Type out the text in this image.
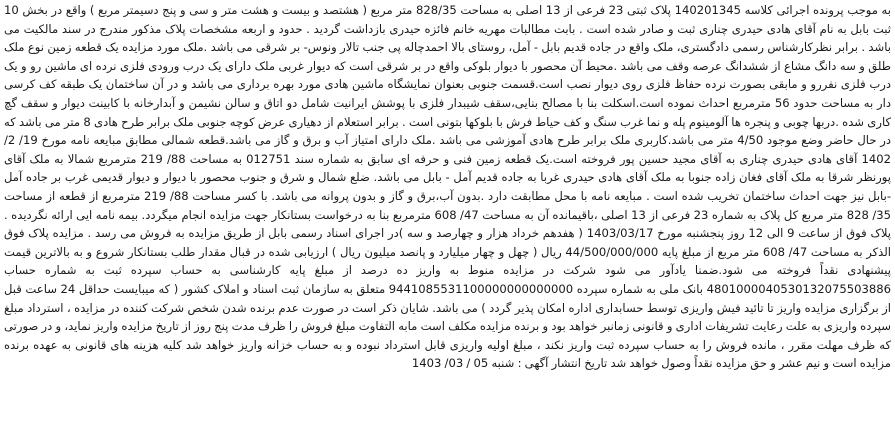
به موجب پرونده اجرائی کلاسه 140201345 پلاک ثبتی 23 فرعی از 13 اصلی به مساحت 828/35 متر مربع ( هشتصد و بیست و هشت متر و سی و پنج دسیمتر مربع ) واقع در بخش 10 ثبت بابل به نام آقای هادی حیدری چناری ثبت و صادر شده است . بابت مطالبات مهریه خانم فائزه حیدری بازداشت گردید . حدود و اربعه مشخصات پلاک مذکور مندرج در سند مالکیت می باشد . برابر نظرکارشناس رسمی دادگستری، ملک واقع در جاده قدیم بابل - آمل، روستای بالا احمدچاله پی جنب تالار ونوس- بر شرقی می باشد .ملک مورد مزایده یک قطعه زمین نوع ملک طلق و سه دانگ مشاع از ششدانگ عرصه وقف می باشد .محیط آن محصور با دیوار بلوکی واقع در بر شرقی است که دیوار غربی ملک دارای یک درب ورودی فلزی نرده ای ماشین رو و یک درب فلزی نفررو و مابقی بصورت نرده حفاظ فلزی روی دیوار نصب است.قسمت جنوبی بعنوان نمایشگاه ماشین هادی مورد بهره برداری می باشد و در آن ساختمان یک طبقه کف کرسی دار به مساحت حدود 56 مترمربع احداث نموده است.اسکلت بنا با مصالح بنایی،سقف شیبدار فلزی با پوشش ایرانیت شامل دو اتاق و سالن نشیمن و آبدارخانه با کابینت دیوار و سقف گچ کاری شده .دربها چوبی و پنجره ها آلومینوم پله و نما غرب سنگ و کف حیاط فرش با بلوکها بتونی است . برابر استعلام از دهیاری عرض کوچه جنوبی ملک برابر طرح هادی 8 متر می باشد که در حال حاضر وضع موجود 4/50 متر می باشد.کاربری ملک برابر طرح هادی آموزشی می باشد .ملک دارای امتیاز آب و برق و گاز می باشد.قطعه شمالی مطابق مبایعه نامه مورخ 19/ 2/ 1402 آقای هادی حیدری چناری به آقای مجید حسین پور فروخته است.یک قطعه زمین فنی و حرفه ای سابق به شماره سند 012751 به مساحت 88/ 219 مترمربع شمالا به ملک آقای پورنظر شرقا به ملک آقای فغان زاده جنوبا به ملک آقای هادی حیدری غربا به جاده قدیم آمل - بابل می باشد. ضلع شمال و شرق و جنوب محصور با دیوار و دیوار قدیمی غرب بر جاده آمل -بابل نیز جهت احداث ساختمان تخریب شده است . مبایعه نامه با محل مطابقت دارد .بدون آب،برق و گاز و بدون پروانه می باشد. با کسر مساحت 88/ 219 مترمربع از قطعه از مساحت 35/ 828 متر مربع کل پلاک به شماره 23 فرعی از 13 اصلی ،باقیمانده آن به مساحت 47/ 608 مترمربع بنا به درخواست بستانکار جهت مزایده انجام میگردد. بیمه نامه ایی ارائه نگردیده . پلاک فوق از ساعت 9 الی 12 روز پنجشنبه مورخ 1403/03/17 ( هفدهم خرداد هزار و چهارصد و سه )در اجرای اسناد رسمی بابل از طریق مزایده به فروش می رسد . مزایده پلاک فوق الذکر به مساحت 47/ 608 متر مربع از مبلغ پایه 44/500/000/000 ریال ( چهل و چهار میلیارد و پانصد میلیون ریال ) ارزیابی شده در قبال مقدار طلب بستانکار شروع و به بالاترین قیمت پیشنهادی نقداً فروخته می شود.ضمنا یادآور می شود شرکت در مزایده منوط به واریز ده درصد از مبلغ پایه کارشناسی به حساب سپرده ثبت به شماره حساب 4801000040530132075503886 بانک ملی به شماره سپرده 9441085531100000000000000 متعلق به سازمان ثبت اسناد و املاک کشور ( که میبایست حداقل 24 ساعت قبل از برگزاری مزایده واریز تا تائید فیش واریزی توسط حسابداری اداره امکان پذیر گردد ) می باشد. شایان ذکر است در صورت عدم برنده شدن شخص شرکت کننده در مزایده ، استرداد مبلغ سپرده واریزی به علت رعایت تشریفات اداری و قانونی زمانبر خواهد بود و برنده مزایده مکلف است مابه التفاوت مبلغ فروش را ظرف مدت پنج روز از تاریخ مزایده واریز نماید، و در صورتی که ظرف مهلت مقرر ، مانده فروش را به حساب سپرده ثبت واریز نکند ، مبلغ اولیه واریزی قابل استرداد نبوده و به حساب خزانه واریز خواهد شد کلیه هزینه های قانونی به عهده برنده مزایده است و نیم عشر و حق مزایده نقداً وصول خواهد شد تاریخ انتشار آگهی : شنبه 05 / 03/ 1403
